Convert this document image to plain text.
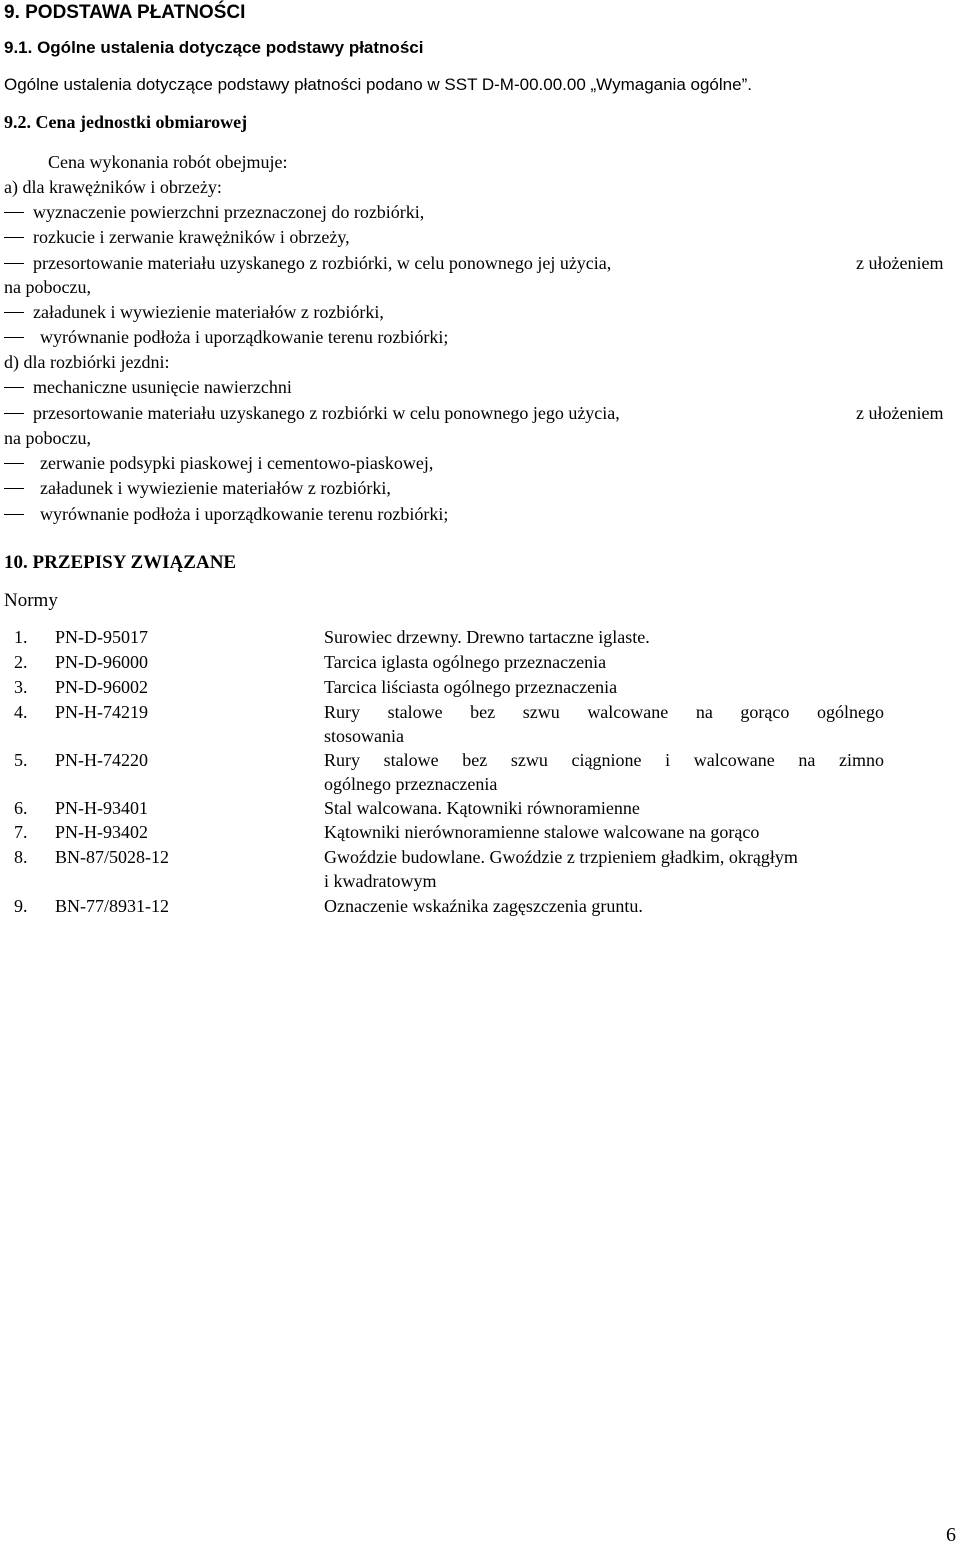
9. PODSTAWA PŁATNOŚCI
9.1. Ogólne ustalenia dotyczące podstawy płatności
Ogólne ustalenia dotyczące podstawy płatności podano w SST D-M-00.00.00 „Wymagania ogólne”.
9.2. Cena jednostki obmiarowej
Cena wykonania robót obejmuje:
a) dla krawężników i obrzeży:
wyznaczenie powierzchni przeznaczonej do rozbiórki,
rozkucie i zerwanie krawężników i obrzeży,
przesortowanie materiału uzyskanego z rozbiórki, w celu ponownego jej użycia,	z ułożeniem
na poboczu,
załadunek i wywiezienie materiałów z rozbiórki,
wyrównanie podłoża i uporządkowanie terenu rozbiórki;
d) dla rozbiórki jezdni:
mechaniczne usunięcie nawierzchni
przesortowanie materiału uzyskanego z rozbiórki w celu ponownego jego użycia,	z ułożeniem
na poboczu,
zerwanie podsypki piaskowej i cementowo-piaskowej,
załadunek i wywiezienie materiałów z rozbiórki,
wyrównanie podłoża i uporządkowanie terenu rozbiórki;
10. PRZEPISY ZWIĄZANE
Normy
1. PN-D-95017	Surowiec drzewny. Drewno tartaczne iglaste.
2. PN-D-96000	Tarcica iglasta ogólnego przeznaczenia
3. PN-D-96002	Tarcica liściasta ogólnego przeznaczenia
4. PN-H-74219	Rury stalowe bez szwu walcowane na gorąco ogólnego
stosowania
5. PN-H-74220	Rury stalowe bez szwu ciągnione i walcowane na zimno
ogólnego przeznaczenia
6. PN-H-93401	Stal walcowana. Kątowniki równoramienne
7. PN-H-93402	Kątowniki nierównoramienne stalowe walcowane na gorąco
8. BN-87/5028-12	Gwoździe budowlane. Gwoździe z trzpieniem gładkim, okrągłym
i kwadratowym
9. BN-77/8931-12	Oznaczenie wskaźnika zagęszczenia gruntu.
6
